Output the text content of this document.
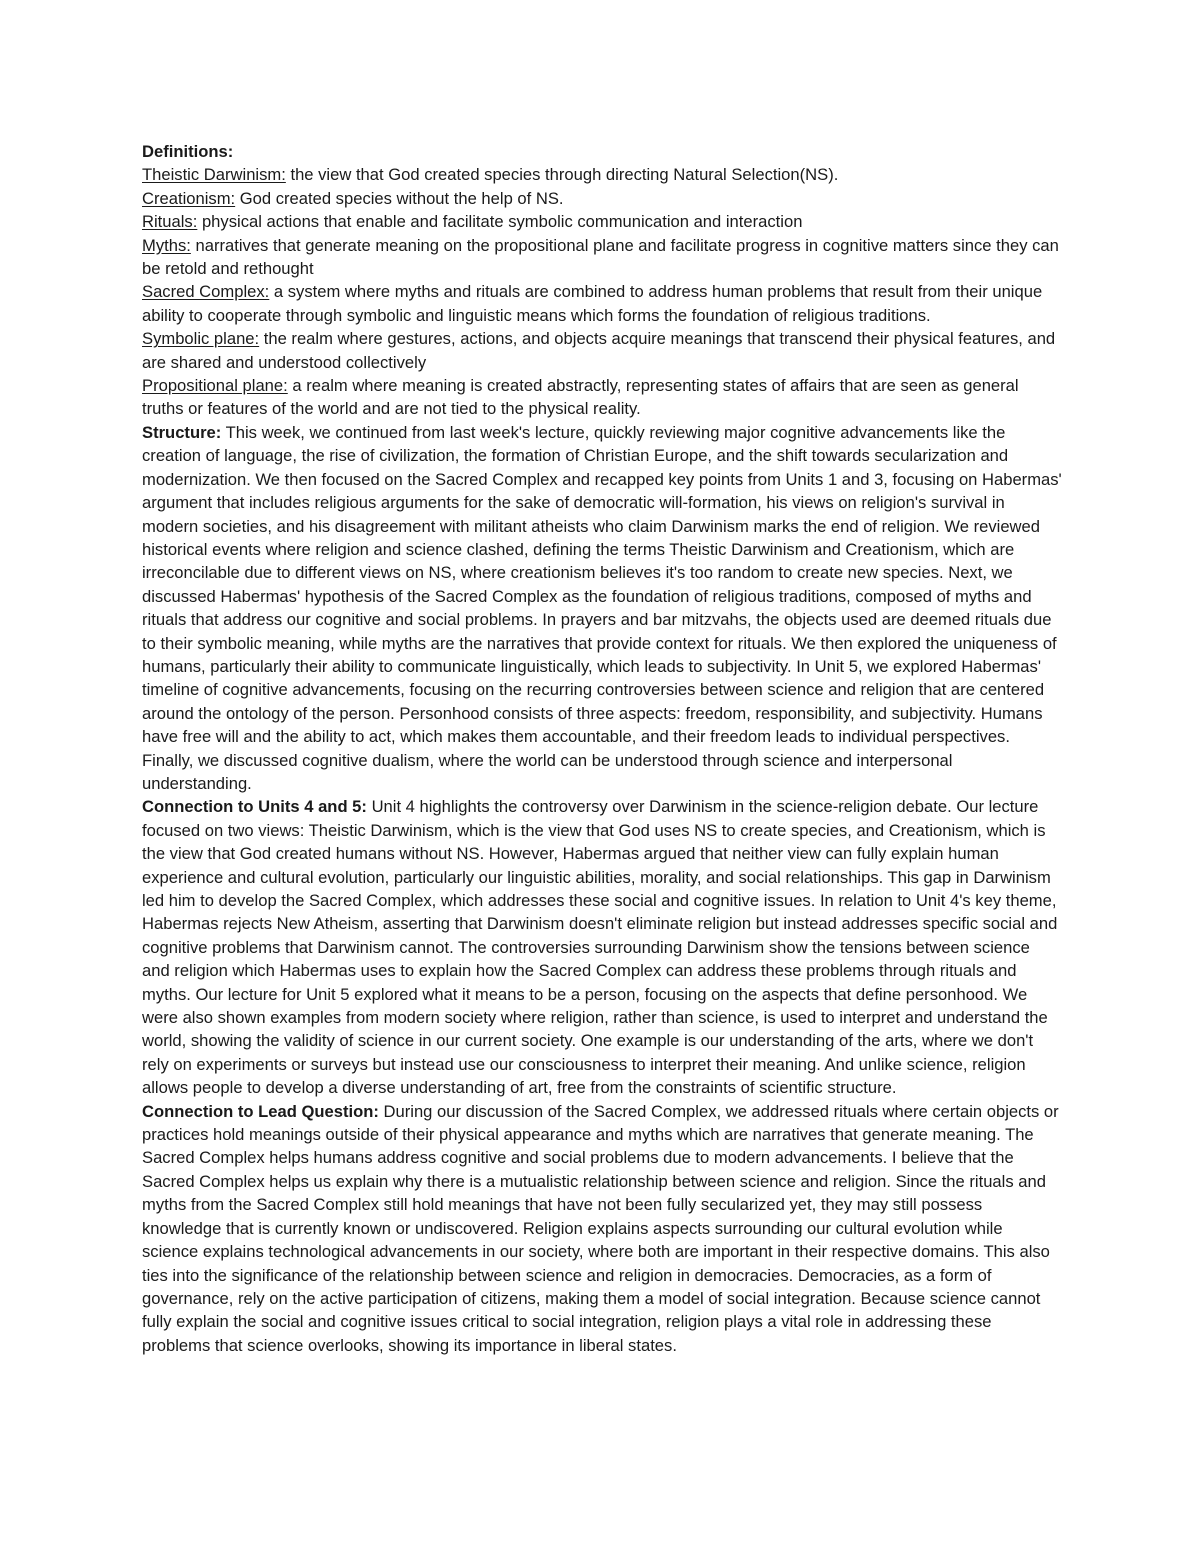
Definitions:

Theistic Darwinism: the view that God created species through directing Natural Selection(NS).

Creationism: God created species without the help of NS.

Rituals: physical actions that enable and facilitate symbolic communication and interaction

Myths: narratives that generate meaning on the propositional plane and facilitate progress in cognitive matters since they can be retold and rethought

Sacred Complex: a system where myths and rituals are combined to address human problems that result from their unique ability to cooperate through symbolic and linguistic means which forms the foundation of religious traditions.

Symbolic plane: the realm where gestures, actions, and objects acquire meanings that transcend their physical features, and are shared and understood collectively

Propositional plane: a realm where meaning is created abstractly, representing states of affairs that are seen as general truths or features of the world and are not tied to the physical reality.

Structure: This week, we continued from last week's lecture, quickly reviewing major cognitive advancements like the creation of language, the rise of civilization, the formation of Christian Europe, and the shift towards secularization and modernization. We then focused on the Sacred Complex and recapped key points from Units 1 and 3, focusing on Habermas' argument that includes religious arguments for the sake of democratic will-formation, his views on religion's survival in modern societies, and his disagreement with militant atheists who claim Darwinism marks the end of religion. We reviewed historical events where religion and science clashed, defining the terms Theistic Darwinism and Creationism, which are irreconcilable due to different views on NS, where creationism believes it's too random to create new species. Next, we discussed Habermas' hypothesis of the Sacred Complex as the foundation of religious traditions, composed of myths and rituals that address our cognitive and social problems. In prayers and bar mitzvahs, the objects used are deemed rituals due to their symbolic meaning, while myths are the narratives that provide context for rituals. We then explored the uniqueness of humans, particularly their ability to communicate linguistically, which leads to subjectivity. In Unit 5, we explored Habermas' timeline of cognitive advancements, focusing on the recurring controversies between science and religion that are centered around the ontology of the person. Personhood consists of three aspects: freedom, responsibility, and subjectivity. Humans have free will and the ability to act, which makes them accountable, and their freedom leads to individual perspectives. Finally, we discussed cognitive dualism, where the world can be understood through science and interpersonal understanding.

Connection to Units 4 and 5: Unit 4 highlights the controversy over Darwinism in the science-religion debate. Our lecture focused on two views: Theistic Darwinism, which is the view that God uses NS to create species, and Creationism, which is the view that God created humans without NS. However, Habermas argued that neither view can fully explain human experience and cultural evolution, particularly our linguistic abilities, morality, and social relationships. This gap in Darwinism led him to develop the Sacred Complex, which addresses these social and cognitive issues. In relation to Unit 4's key theme, Habermas rejects New Atheism, asserting that Darwinism doesn't eliminate religion but instead addresses specific social and cognitive problems that Darwinism cannot. The controversies surrounding Darwinism show the tensions between science and religion which Habermas uses to explain how the Sacred Complex can address these problems through rituals and myths. Our lecture for Unit 5 explored what it means to be a person, focusing on the aspects that define personhood. We were also shown examples from modern society where religion, rather than science, is used to interpret and understand the world, showing the validity of science in our current society. One example is our understanding of the arts, where we don't rely on experiments or surveys but instead use our consciousness to interpret their meaning. And unlike science, religion allows people to develop a diverse understanding of art, free from the constraints of scientific structure.

Connection to Lead Question: During our discussion of the Sacred Complex, we addressed rituals where certain objects or practices hold meanings outside of their physical appearance and myths which are narratives that generate meaning. The Sacred Complex helps humans address cognitive and social problems due to modern advancements. I believe that the Sacred Complex helps us explain why there is a mutualistic relationship between science and religion. Since the rituals and myths from the Sacred Complex still hold meanings that have not been fully secularized yet, they may still possess knowledge that is currently known or undiscovered. Religion explains aspects surrounding our cultural evolution while science explains technological advancements in our society, where both are important in their respective domains. This also ties into the significance of the relationship between science and religion in democracies. Democracies, as a form of governance, rely on the active participation of citizens, making them a model of social integration. Because science cannot fully explain the social and cognitive issues critical to social integration, religion plays a vital role in addressing these problems that science overlooks, showing its importance in liberal states.
